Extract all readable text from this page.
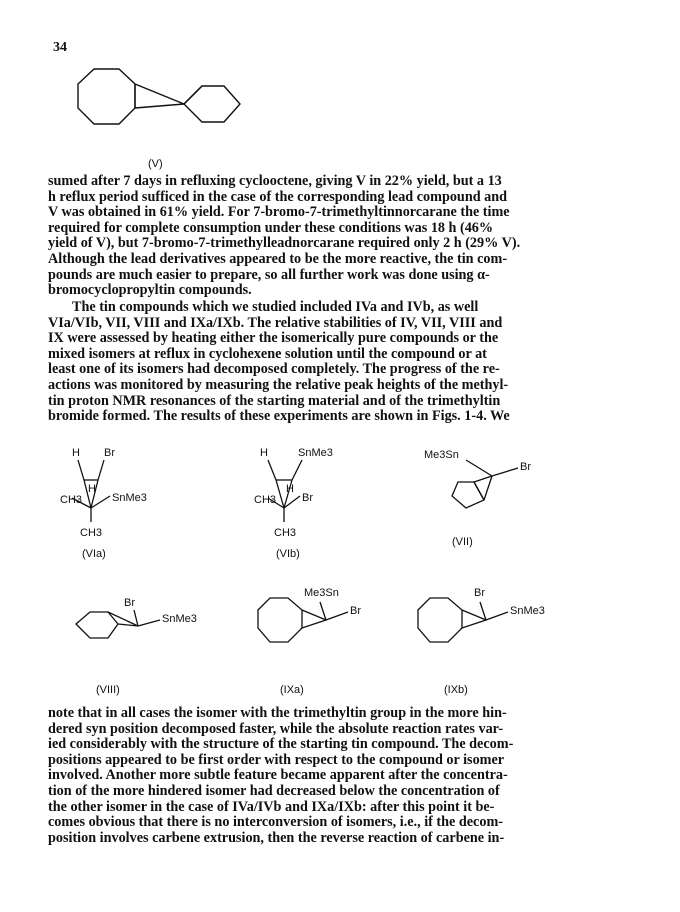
34
(V)
sumed after 7 days in refluxing cyclooctene, giving V in 22% yield, but a 13
h reflux period sufficed in the case of the corresponding lead compound and
V was obtained in 61% yield. For 7-bromo-7-trimethyltinnorcarane the time
required for complete consumption under these conditions was 18 h (46%
yield of V), but 7-bromo-7-trimethylleadnorcarane required only 2 h (29% V).
Although the lead derivatives appeared to be the more reactive, the tin com-
pounds are much easier to prepare, so all further work was done using α-
bromocyclopropyltin compounds.
The tin compounds which we studied included IVa and IVb, as well
VIa/VIb, VII, VIII and IXa/IXb. The relative stabilities of IV, VII, VIII and
IX were assessed by heating either the isomerically pure compounds or the
mixed isomers at reflux in cyclohexene solution until the compound or at
least one of its isomers had decomposed completely. The progress of the re-
actions was monitored by measuring the relative peak heights of the methyl-
tin proton NMR resonances of the starting material and of the trimethyltin
bromide formed. The results of these experiments are shown in Figs. 1-4. We
H Br
H
CH3	SnMe3
CH3
(VIa)
H	SnMe3
H
CH3 Br
CH3
(VIb)
Me3Sn
Br
(VII)
Br
SnMe3
(VIII)
Me3Sn
Br
(IXa)
Br
SnMe3
(IXb)
note that in all cases the isomer with the trimethyltin group in the more hin-
dered syn position decomposed faster, while the absolute reaction rates var-
ied considerably with the structure of the starting tin compound. The decom-
positions appeared to be first order with respect to the compound or isomer
involved. Another more subtle feature became apparent after the concentra-
tion of the more hindered isomer had decreased below the concentration of
the other isomer in the case of IVa/IVb and IXa/IXb: after this point it be-
comes obvious that there is no interconversion of isomers, i.e., if the decom-
position involves carbene extrusion, then the reverse reaction of carbene in-
